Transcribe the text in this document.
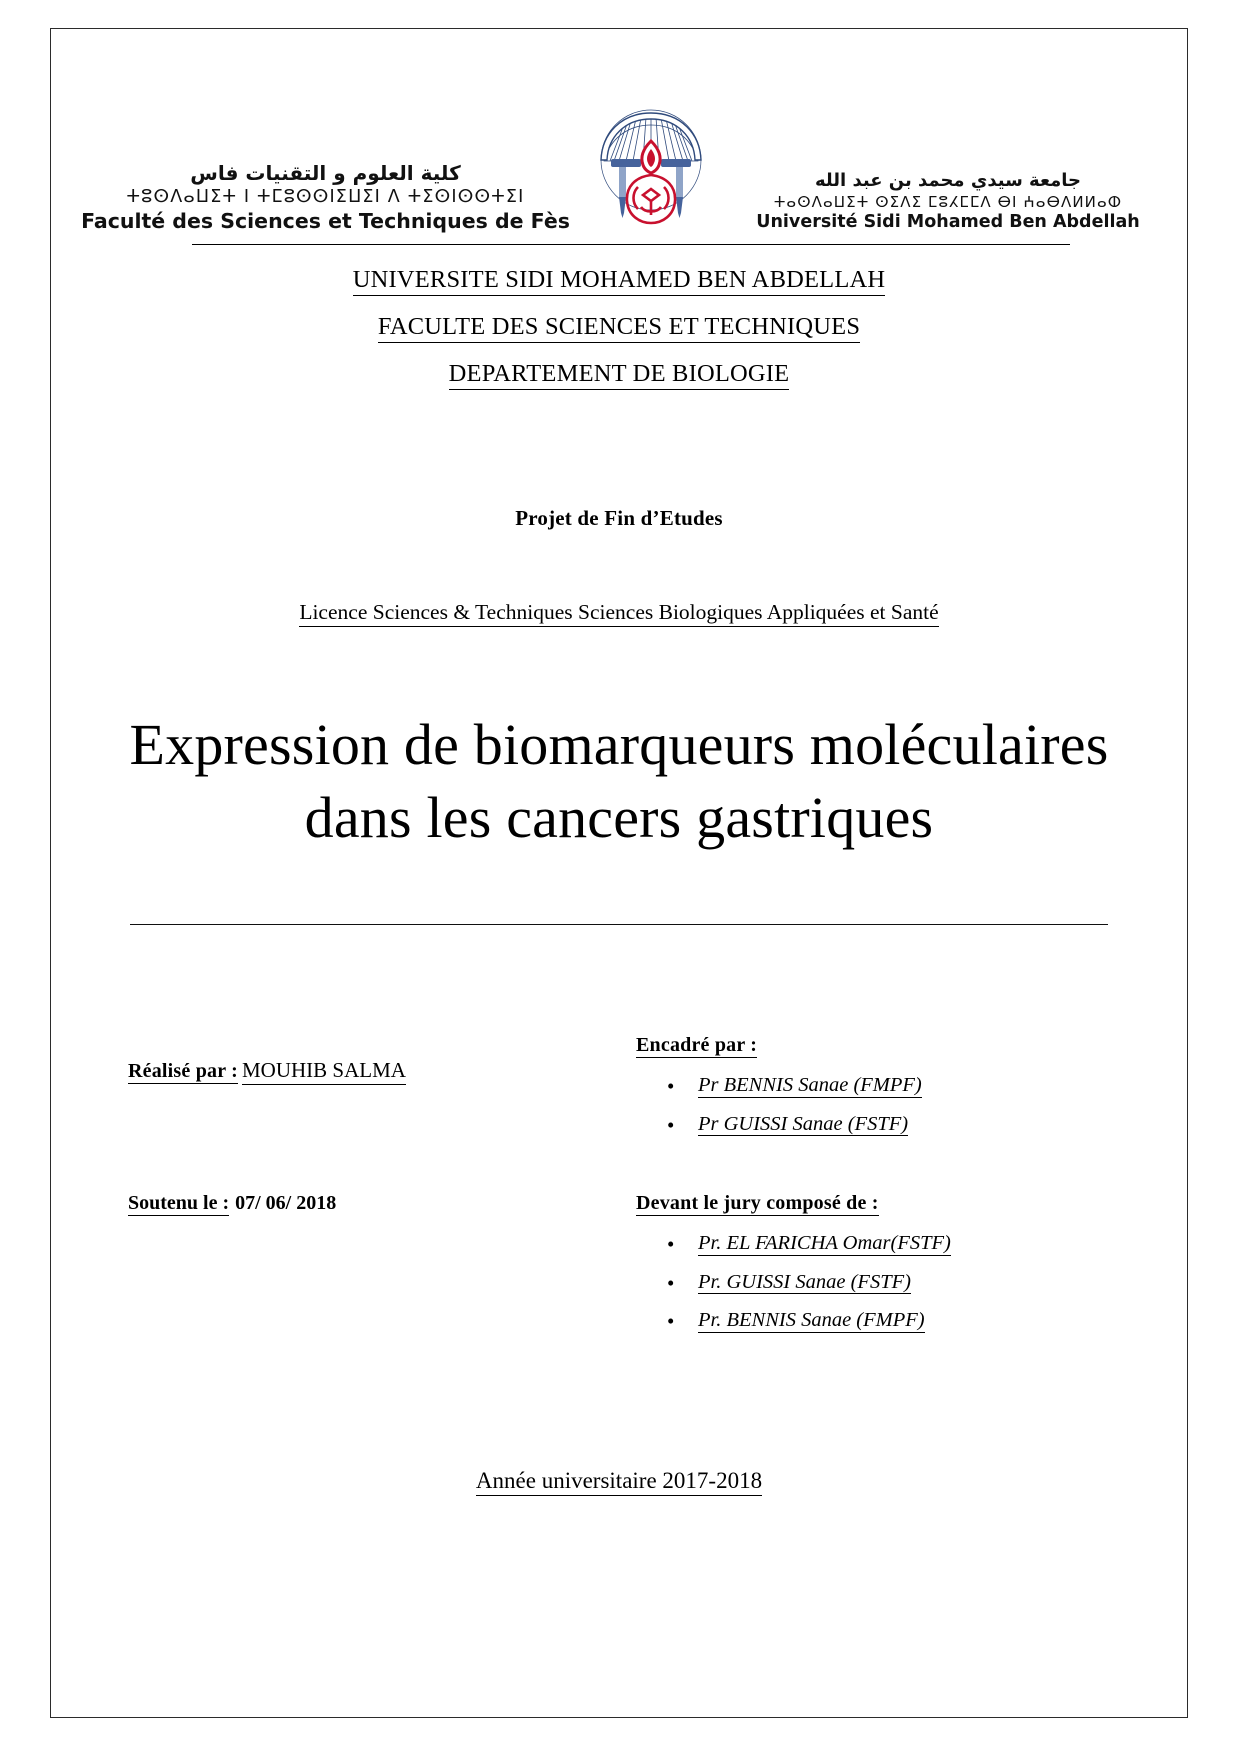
كلية العلوم و التقنيات فاس
ⵜⵓⵙⴷⴰⵡⵉⵜ ⵏ ⵜⵎⵓⵙⵙⵏⵉⵡⵉⵏ ⴷ ⵜⵉⵙⵏⵙⵙⵜⵉⵏ
Faculté des Sciences et Techniques de Fès
جامعة سيدي محمد بن عبد الله
ⵜⴰⵙⴷⴰⵡⵉⵜ ⵙⵉⴷⵉ ⵎⵓⵃⵎⵎⴷ ⴱⵏ ⵄⴰⴱⴷⵍⵍⴰⵀ
Université Sidi Mohamed Ben Abdellah
UNIVERSITE SIDI MOHAMED BEN ABDELLAH
FACULTE DES SCIENCES ET TECHNIQUES
DEPARTEMENT DE BIOLOGIE
Projet de Fin d’Etudes
Licence Sciences & Techniques Sciences Biologiques Appliquées et Santé
Expression de biomarqueurs moléculaires dans les cancers gastriques
Réalisé par : MOUHIB SALMA
Encadré par :
• Pr BENNIS Sanae (FMPF)
• Pr GUISSI Sanae (FSTF)
Soutenu le : 07/ 06/ 2018	Devant le jury composé de :
• Pr. EL FARICHA Omar(FSTF)
• Pr. GUISSI Sanae (FSTF)
• Pr. BENNIS Sanae (FMPF)
Année universitaire 2017-2018
